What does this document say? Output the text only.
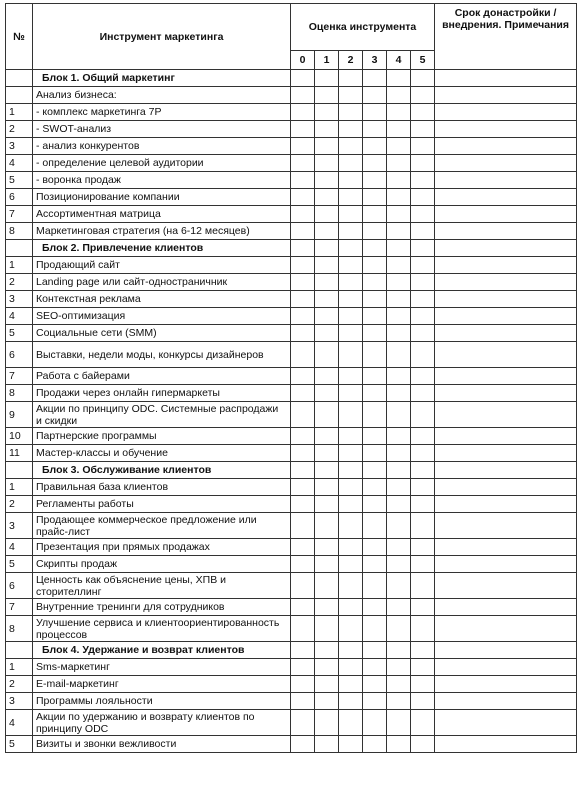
№	Инструмент маркетинга	Оценка инструмента						Срок донастройки / внедрения. Примечания
		0	1	2	3	4	5	
	Блок 1. Общий маркетинг							
	Анализ бизнеса:							
1	- комплекс маркетинга 7P							
2	- SWOT-анализ							
3	- анализ конкурентов							
4	- определение целевой аудитории							
5	- воронка продаж							
6	Позиционирование компании							
7	Ассортиментная матрица							
8	Маркетинговая стратегия (на 6-12 месяцев)							
	Блок 2. Привлечение клиентов							
1	Продающий сайт							
2	Landing page или сайт-одностраничник							
3	Контекстная реклама							
4	SEO-оптимизация							
5	Социальные сети (SMM)							
6	Выставки, недели моды, конкурсы дизайнеров							
7	Работа с байерами							
8	Продажи через онлайн гипермаркеты							
9	Акции по принципу ODC. Системные распродажи и скидки							
10	Партнерские программы							
11	Мастер-классы и обучение							
	Блок 3. Обслуживание клиентов							
1	Правильная база клиентов							
2	Регламенты работы							
3	Продающее коммерческое предложение или прайс-лист							
4	Презентация при прямых продажах							
5	Скрипты продаж							
6	Ценность как объяснение цены, ХПВ и сторителлинг							
7	Внутренние тренинги для сотрудников							
8	Улучшение сервиса и клиентоориентированность процессов							
	Блок 4. Удержание и возврат клиентов							
1	Sms-маркетинг							
2	E-mail-маркетинг							
3	Программы лояльности							
4	Акции по удержанию и возврату клиентов по принципу ODC							
5	Визиты и звонки вежливости							
